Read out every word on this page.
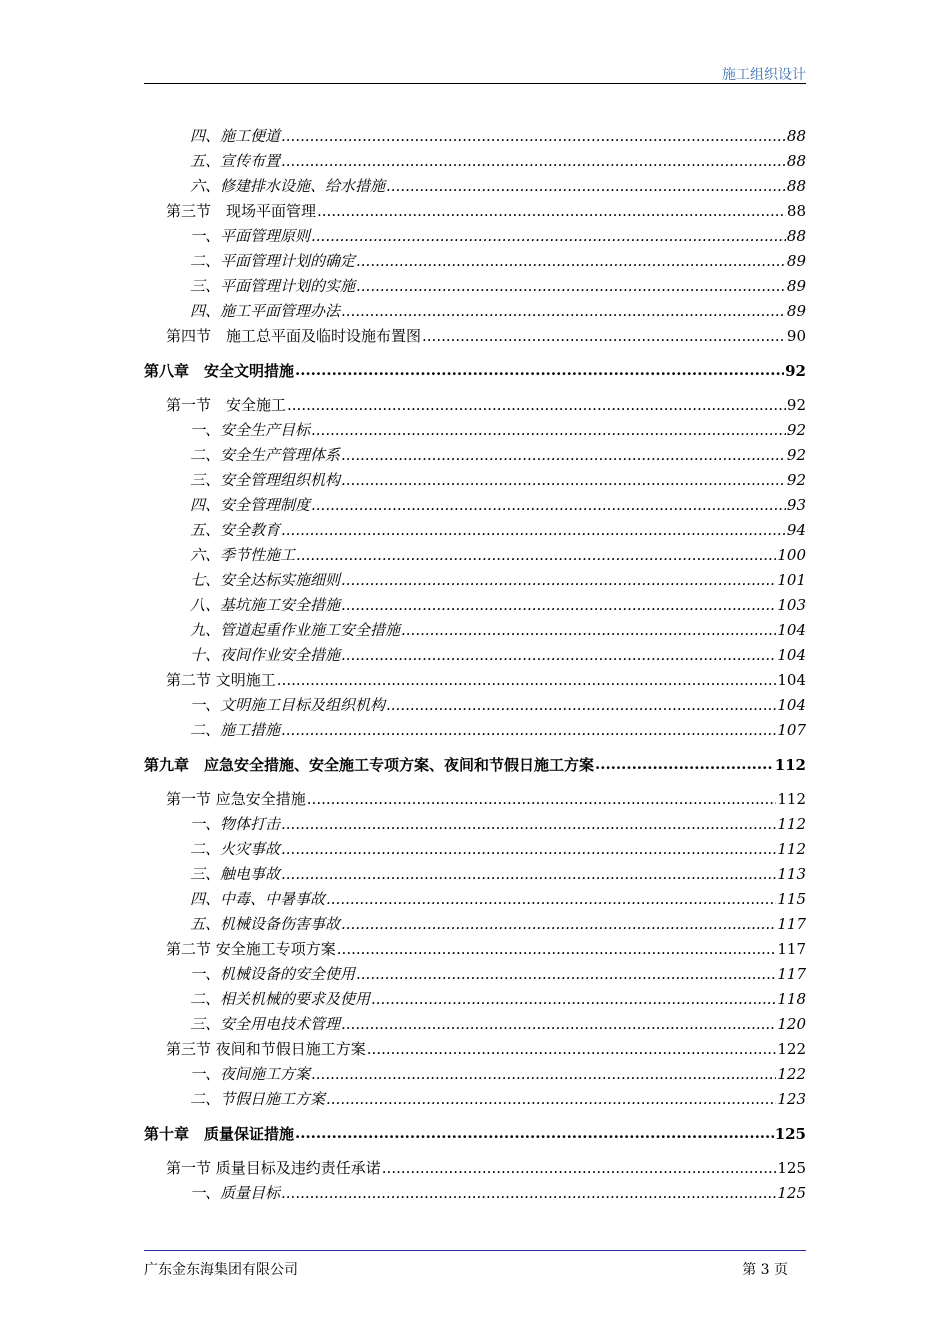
施工组织设计
四、施工便道 .....	88
五、宣传布置 .....	88
六、修建排水设施、给水措施 .....	88
第三节　现场平面管理 .....	88
一、平面管理原则 .....	88
二、平面管理计划的确定 .....	89
三、平面管理计划的实施 .....	89
四、施工平面管理办法 .....	89
第四节　施工总平面及临时设施布置图 .....	90
第八章　安全文明措施 .....	92
第一节　安全施工 .....	92
一、安全生产目标 .....	92
二、安全生产管理体系 .....	92
三、安全管理组织机构 .....	92
四、安全管理制度 .....	93
五、安全教育 .....	94
六、季节性施工 .....	100
七、安全达标实施细则 .....	101
八、基坑施工安全措施 .....	103
九、管道起重作业施工安全措施 .....	104
十、夜间作业安全措施 .....	104
第二节 文明施工 .....	104
一、文明施工目标及组织机构 .....	104
二、施工措施 .....	107
第九章　应急安全措施、安全施工专项方案、夜间和节假日施工方案 .....	112
第一节 应急安全措施 .....	112
一、物体打击 .....	112
二、火灾事故 .....	112
三、触电事故 .....	113
四、中毒、中暑事故 .....	115
五、机械设备伤害事故 .....	117
第二节 安全施工专项方案 .....	117
一、机械设备的安全使用 .....	117
二、相关机械的要求及使用 .....	118
三、安全用电技术管理 .....	120
第三节 夜间和节假日施工方案 .....	122
一、夜间施工方案 .....	122
二、节假日施工方案 .....	123
第十章　质量保证措施 .....	125
第一节 质量目标及违约责任承诺 .....	125
一、质量目标 .....	125
广东金东海集团有限公司	第 3 页
